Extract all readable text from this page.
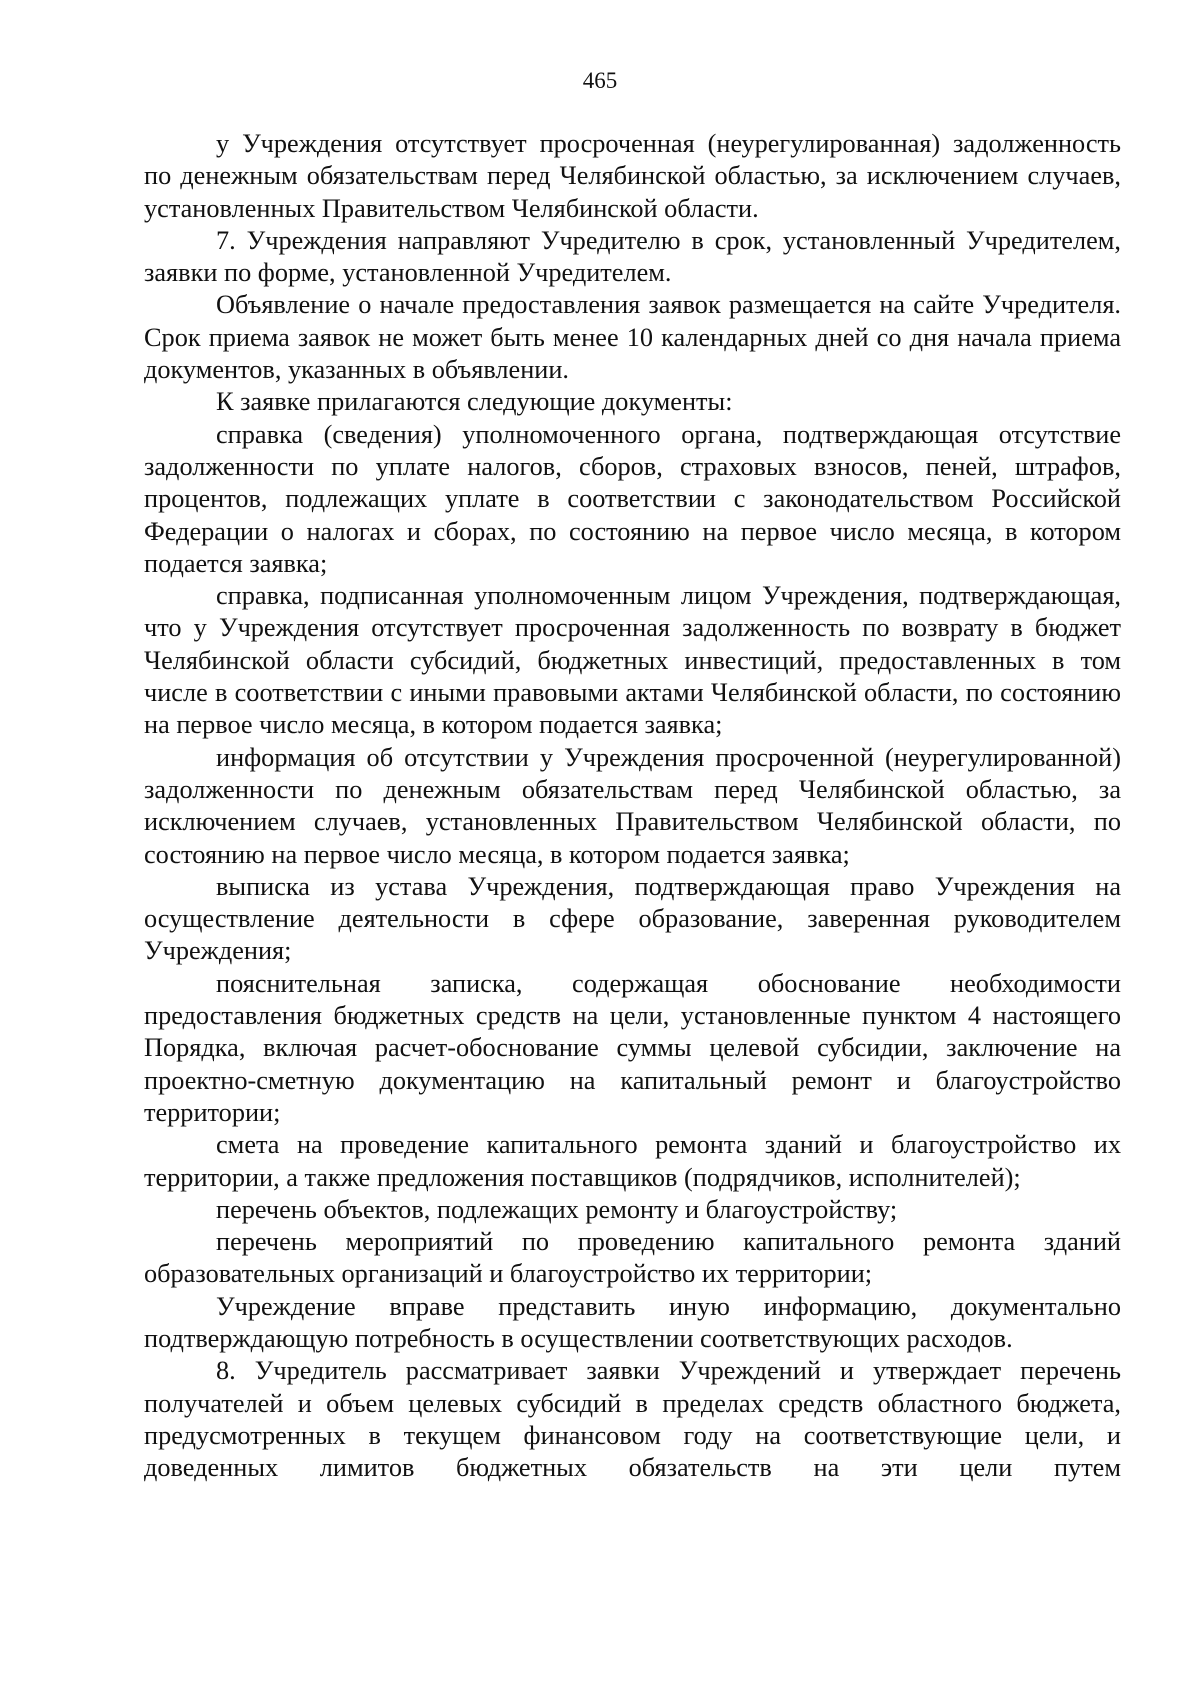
465

у Учреждения отсутствует просроченная (неурегулированная) задолженность по денежным обязательствам перед Челябинской областью, за исключением случаев, установленных Правительством Челябинской области.

7. Учреждения направляют Учредителю в срок, установленный Учредителем, заявки по форме, установленной Учредителем.

Объявление о начале предоставления заявок размещается на сайте Учредителя. Срок приема заявок не может быть менее 10 календарных дней со дня начала приема документов, указанных в объявлении.

К заявке прилагаются следующие документы:

справка (сведения) уполномоченного органа, подтверждающая отсутствие задолженности по уплате налогов, сборов, страховых взносов, пеней, штрафов, процентов, подлежащих уплате в соответствии с законодательством Российской Федерации о налогах и сборах, по состоянию на первое число месяца, в котором подается заявка;

справка, подписанная уполномоченным лицом Учреждения, подтверждающая, что у Учреждения отсутствует просроченная задолженность по возврату в бюджет Челябинской области субсидий, бюджетных инвестиций, предоставленных в том числе в соответствии с иными правовыми актами Челябинской области, по состоянию на первое число месяца, в котором подается заявка;

информация об отсутствии у Учреждения просроченной (неурегулированной) задолженности по денежным обязательствам перед Челябинской областью, за исключением случаев, установленных Правительством Челябинской области, по состоянию на первое число месяца, в котором подается заявка;

выписка из устава Учреждения, подтверждающая право Учреждения на осуществление деятельности в сфере образование, заверенная руководителем Учреждения;

пояснительная записка, содержащая обоснование необходимости предоставления бюджетных средств на цели, установленные пунктом 4 настоящего Порядка, включая расчет-обоснование суммы целевой субсидии, заключение на проектно-сметную документацию на капитальный ремонт и благоустройство территории;

смета на проведение капитального ремонта зданий и благоустройство их территории, а также предложения поставщиков (подрядчиков, исполнителей);

перечень объектов, подлежащих ремонту и благоустройству;

перечень мероприятий по проведению капитального ремонта зданий образовательных организаций и благоустройство их территории;

Учреждение вправе представить иную информацию, документально подтверждающую потребность в осуществлении соответствующих расходов.

8. Учредитель рассматривает заявки Учреждений и утверждает перечень получателей и объем целевых субсидий в пределах средств областного бюджета, предусмотренных в текущем финансовом году на соответствующие цели, и доведенных лимитов бюджетных обязательств на эти цели путем
